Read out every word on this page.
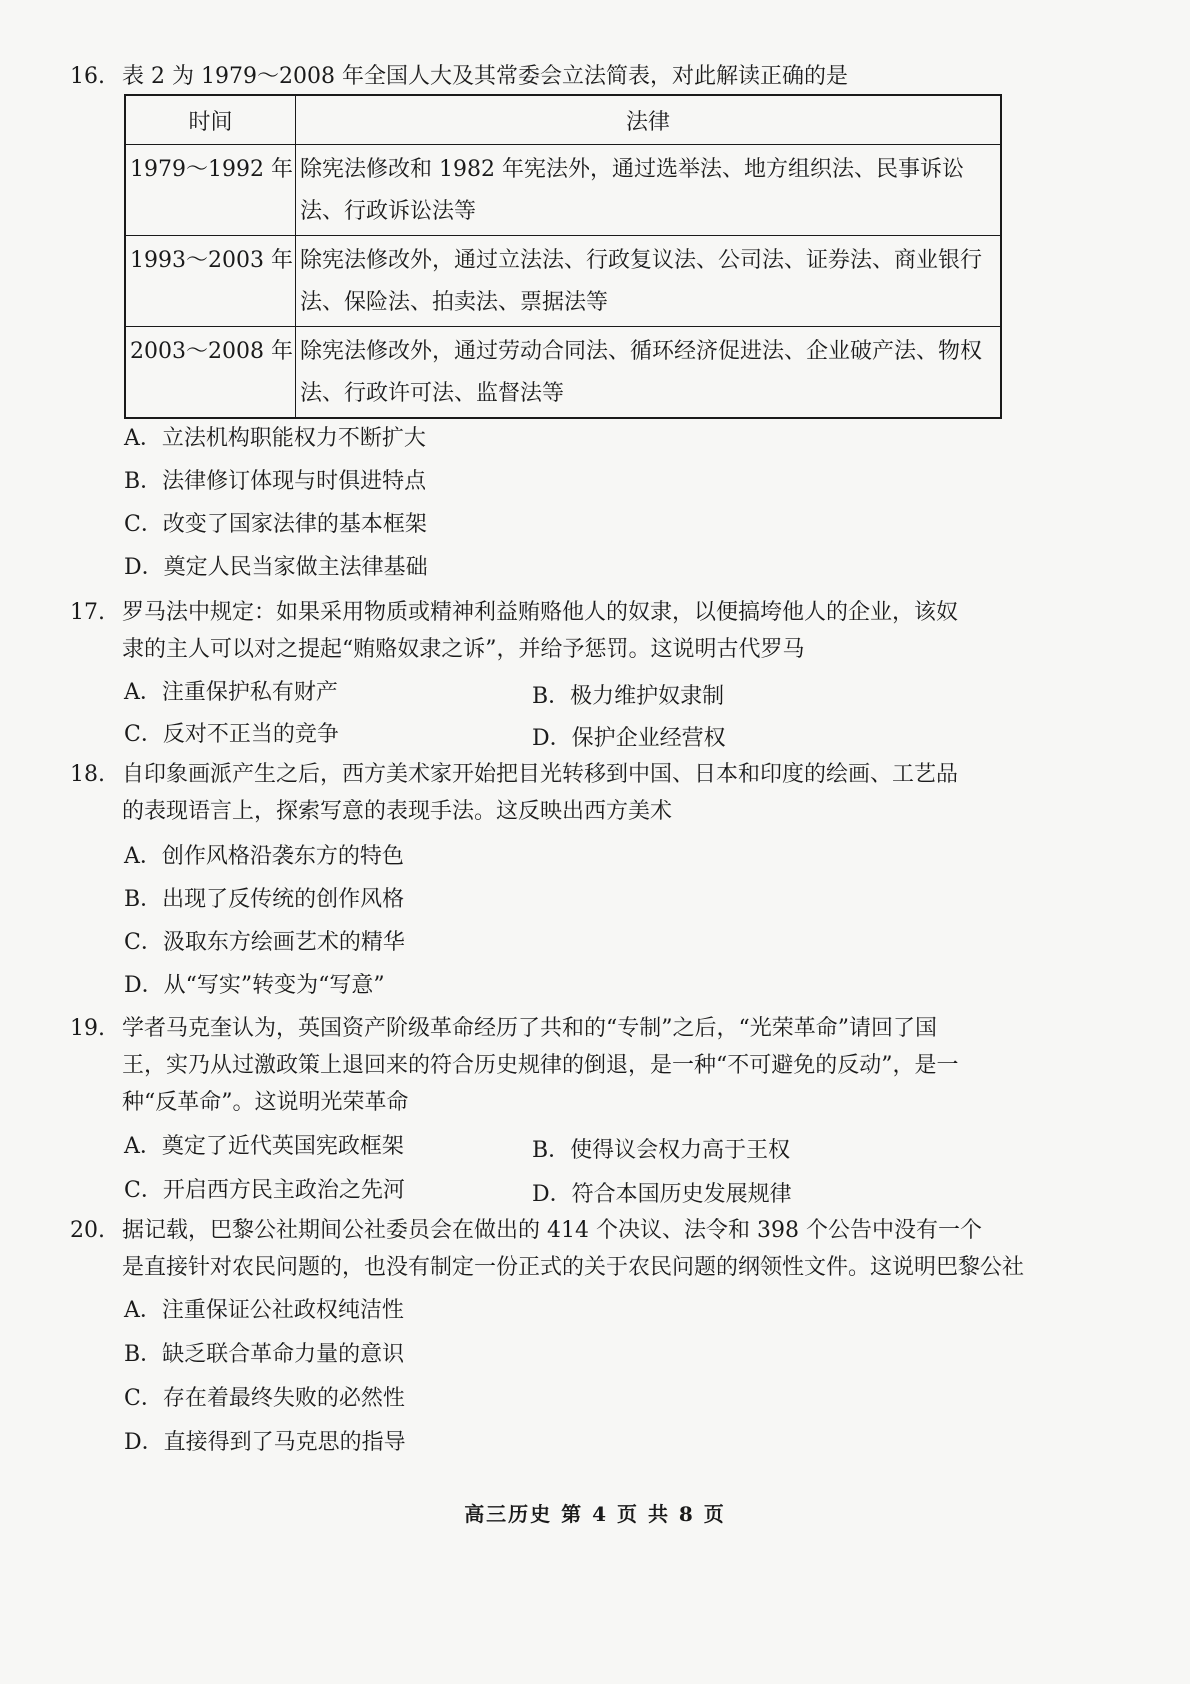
16. 表 2 为 1979～2008 年全国人大及其常委会立法简表，对此解读正确的是
时间	法律
1979～1992 年	除宪法修改和 1982 年宪法外，通过选举法、地方组织法、民事诉讼法、行政诉讼法等
1993～2003 年	除宪法修改外，通过立法法、行政复议法、公司法、证券法、商业银行法、保险法、拍卖法、票据法等
2003～2008 年	除宪法修改外，通过劳动合同法、循环经济促进法、企业破产法、物权法、行政许可法、监督法等
A．立法机构职能权力不断扩大
B．法律修订体现与时俱进特点
C．改变了国家法律的基本框架
D．奠定人民当家做主法律基础
17. 罗马法中规定：如果采用物质或精神利益贿赂他人的奴隶，以便搞垮他人的企业，该奴
隶的主人可以对之提起“贿赂奴隶之诉”，并给予惩罚。这说明古代罗马
A．注重保护私有财产	B．极力维护奴隶制
C．反对不正当的竞争	D．保护企业经营权
18. 自印象画派产生之后，西方美术家开始把目光转移到中国、日本和印度的绘画、工艺品
的表现语言上，探索写意的表现手法。这反映出西方美术
A．创作风格沿袭东方的特色
B．出现了反传统的创作风格
C．汲取东方绘画艺术的精华
D．从“写实”转变为“写意”
19. 学者马克奎认为，英国资产阶级革命经历了共和的“专制”之后，“光荣革命”请回了国
王，实乃从过激政策上退回来的符合历史规律的倒退，是一种“不可避免的反动”，是一
种“反革命”。这说明光荣革命
A．奠定了近代英国宪政框架	B．使得议会权力高于王权
C．开启西方民主政治之先河	D．符合本国历史发展规律
20. 据记载，巴黎公社期间公社委员会在做出的 414 个决议、法令和 398 个公告中没有一个
是直接针对农民问题的，也没有制定一份正式的关于农民问题的纲领性文件。这说明巴黎公社
A．注重保证公社政权纯洁性
B．缺乏联合革命力量的意识
C．存在着最终失败的必然性
D．直接得到了马克思的指导
高三历史 第 4 页 共 8 页
